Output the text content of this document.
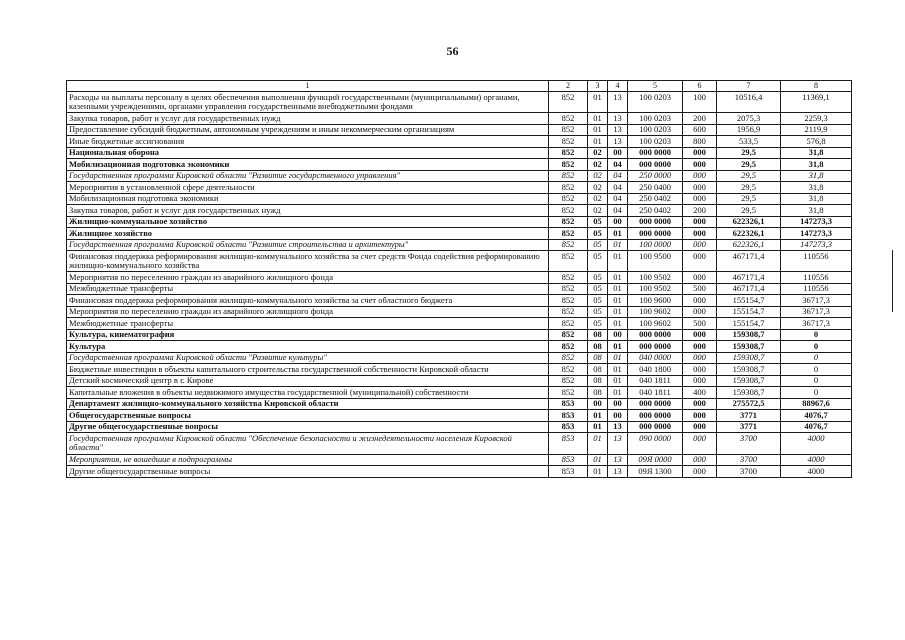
56
1	2	3	4	5	6	7	8
Расходы на выплаты персоналу в целях обеспечения выполнения функций государственными (муниципальными) органами, казенными учреждениями, органами управления государственными внебюджетными фондами	852	01	13	100 0203	100	10516,4	11369,1
Закупка товаров, работ и услуг для государственных нужд	852	01	13	100 0203	200	2075,3	2259,3
Предоставление субсидий бюджетным, автономным учреждениям и иным некоммерческим организациям	852	01	13	100 0203	600	1956,9	2119,9
Иные бюджетные ассигнования	852	01	13	100 0203	800	533,5	576,8
Национальная оборона	852	02	00	000 0000	000	29,5	31,8
Мобилизационная подготовка экономики	852	02	04	000 0000	000	29,5	31,8
Государственная программа Кировской области "Развитие государственного управления"	852	02	04	250 0000	000	29,5	31,8
Мероприятия в установленной сфере деятельности	852	02	04	250 0400	000	29,5	31,8
Мобилизационная подготовка экономики	852	02	04	250 0402	000	29,5	31,8
Закупка товаров, работ и услуг для государственных нужд	852	02	04	250 0402	200	29,5	31,8
Жилищно-коммунальное хозяйство	852	05	00	000 0000	000	622326,1	147273,3
Жилищное хозяйство	852	05	01	000 0000	000	622326,1	147273,3
Государственная программа Кировской области "Развитие строительства и архитектуры"	852	05	01	100 0000	000	622326,1	147273,3
Финансовая поддержка реформирования жилищно-коммунального хозяйства за счет средств Фонда содействия реформированию жилищно-коммунального хозяйства	852	05	01	100 9500	000	467171,4	110556
Мероприятия по переселению граждан из аварийного жилищного фонда	852	05	01	100 9502	000	467171,4	110556
Межбюджетные трансферты	852	05	01	100 9502	500	467171,4	110556
Финансовая поддержка реформирования жилищно-коммунального хозяйства за счет областного бюджета	852	05	01	100 9600	000	155154,7	36717,3
Мероприятия по переселению граждан из аварийного жилищного фонда	852	05	01	100 9602	000	155154,7	36717,3
Межбюджетные трансферты	852	05	01	100 9602	500	155154,7	36717,3
Культура, кинематография	852	08	00	000 0000	000	159308,7	0
Культура	852	08	01	000 0000	000	159308,7	0
Государственная программа Кировской области "Развитие культуры"	852	08	01	040 0000	000	159308,7	0
Бюджетные инвестиции в объекты капитального строительства государственной собственности Кировской области	852	08	01	040 1800	000	159308,7	0
Детский космический центр в г. Кирове	852	08	01	040 1811	000	159308,7	0
Капитальные вложения в объекты недвижимого имущества государственной (муниципальной) собственности	852	08	01	040 1811	400	159308,7	0
Департамент жилищно-коммунального хозяйства Кировской области	853	00	00	000 0000	000	275572,5	88967,6
Общегосударственные вопросы	853	01	00	000 0000	000	3771	4076,7
Другие общегосударственные вопросы	853	01	13	000 0000	000	3771	4076,7
Государственная программа Кировской области "Обеспечение безопасности и жизнедеятельности населения Кировской области"	853	01	13	090 0000	000	3700	4000
Мероприятия, не вошедшие в подпрограммы	853	01	13	09Я 0000	000	3700	4000
Другие общегосударственные вопросы	853	01	13	09Я 1300	000	3700	4000
